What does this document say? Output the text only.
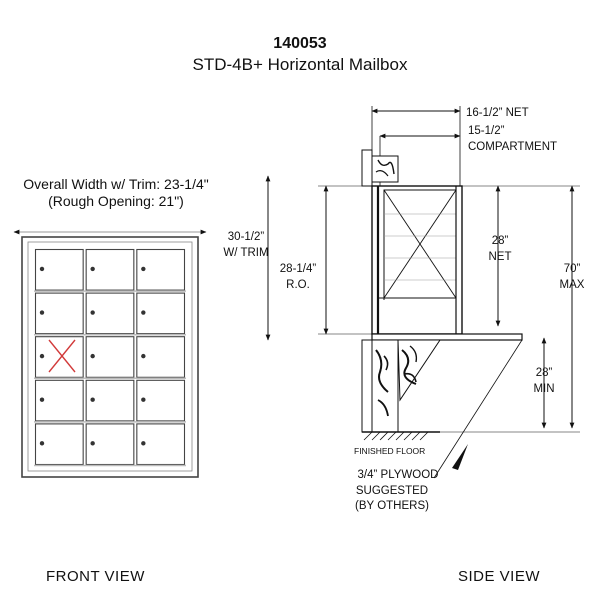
140053
STD-4B+ Horizontal Mailbox
Overall Width w/ Trim: 23-1/4"
(Rough Opening: 21")
FRONT VIEW	SIDE VIEW
16-1/2” NET
15-1/2”
COMPARTMENT
30-1/2”
W/ TRIM
28-1/4”
R.O.
28”
NET
70”
MAX
28”
MIN
FINISHED FLOOR
3/4” PLYWOOD
SUGGESTED
(BY OTHERS)
